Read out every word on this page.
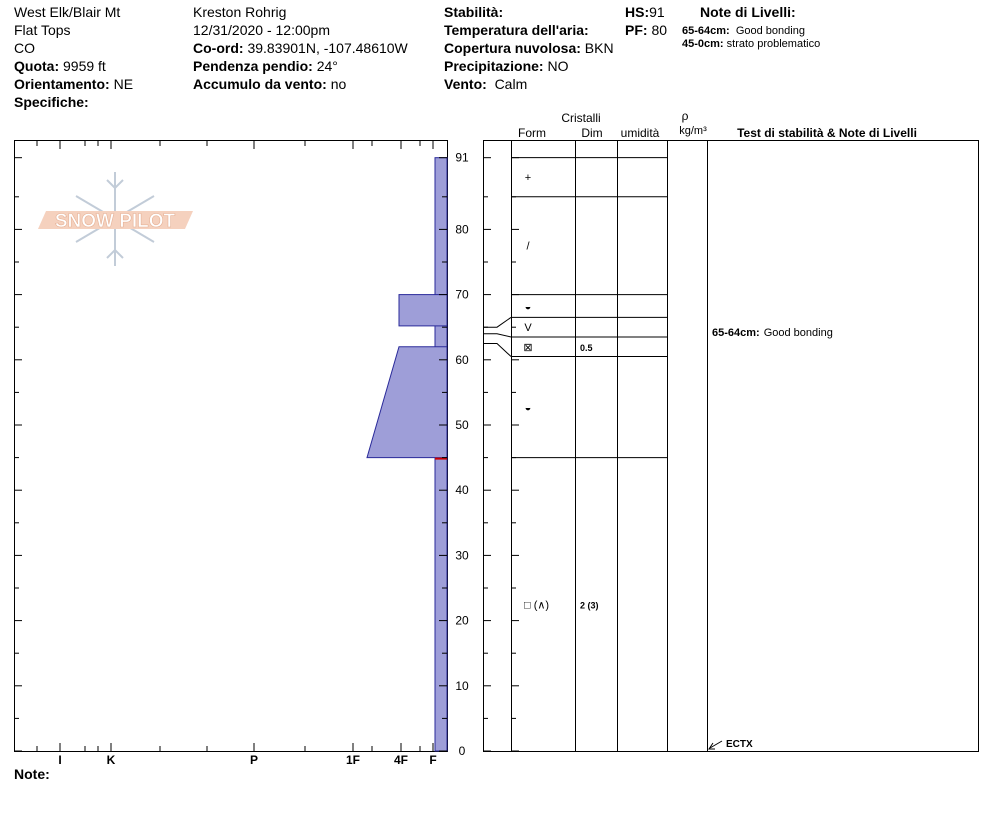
West Elk/Blair Mt
Flat Tops
CO
Quota: 9959 ft
Orientamento: NE
Specifiche:
Kreston Rohrig
12/31/2020 - 12:00pm
Co-ord: 39.83901N, -107.48610W
Pendenza pendio: 24°
Accumulo da vento: no
Stabilità:
Temperatura dell'aria:
Copertura nuvolosa: BKN
Precipitazione: NO
Vento: Calm
HS:91
PF: 80
Note di Livelli:
65-64cm: Good bonding
45-0cm: strato problematico
SNOW PILOT
0
10
20
30
40
50
60
70
80
91
I	K	P	1F	4F F
Cristalli
Form	Dim umidità
ρ
kg/m³	Test di stabilità & Note di Livelli
+
/
◒
V
⊠	0.5
◒
□ (∧)	2 (3)
65-64cm: Good bonding
ECTX
Note:
